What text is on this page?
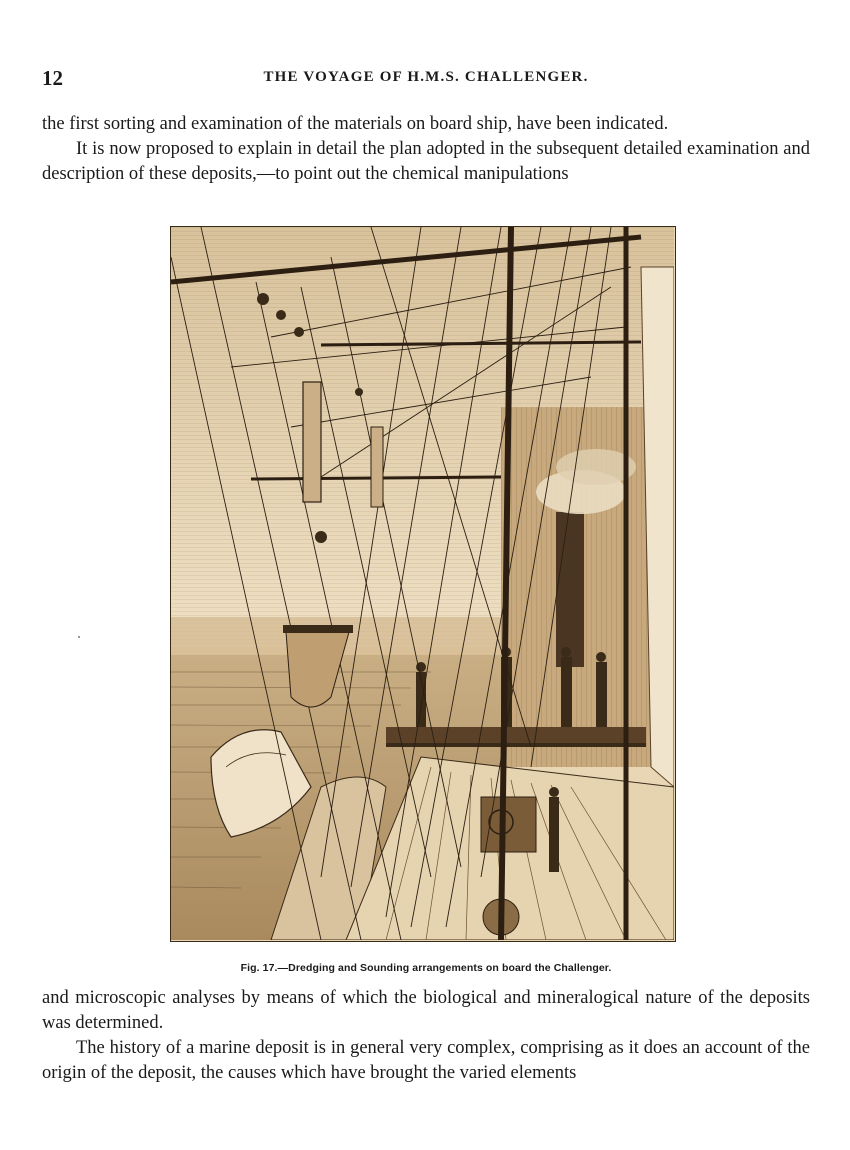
12	THE VOYAGE OF H.M.S. CHALLENGER.

the first sorting and examination of the materials on board ship, have been indicated.

It is now proposed to explain in detail the plan adopted in the subsequent detailed examination and description of these deposits,—to point out the chemical manipulations

Fig. 17.—Dredging and Sounding arrangements on board the Challenger.

and microscopic analyses by means of which the biological and mineralogical nature of the deposits was determined.

The history of a marine deposit is in general very complex, comprising as it does an account of the origin of the deposit, the causes which have brought the varied elements
